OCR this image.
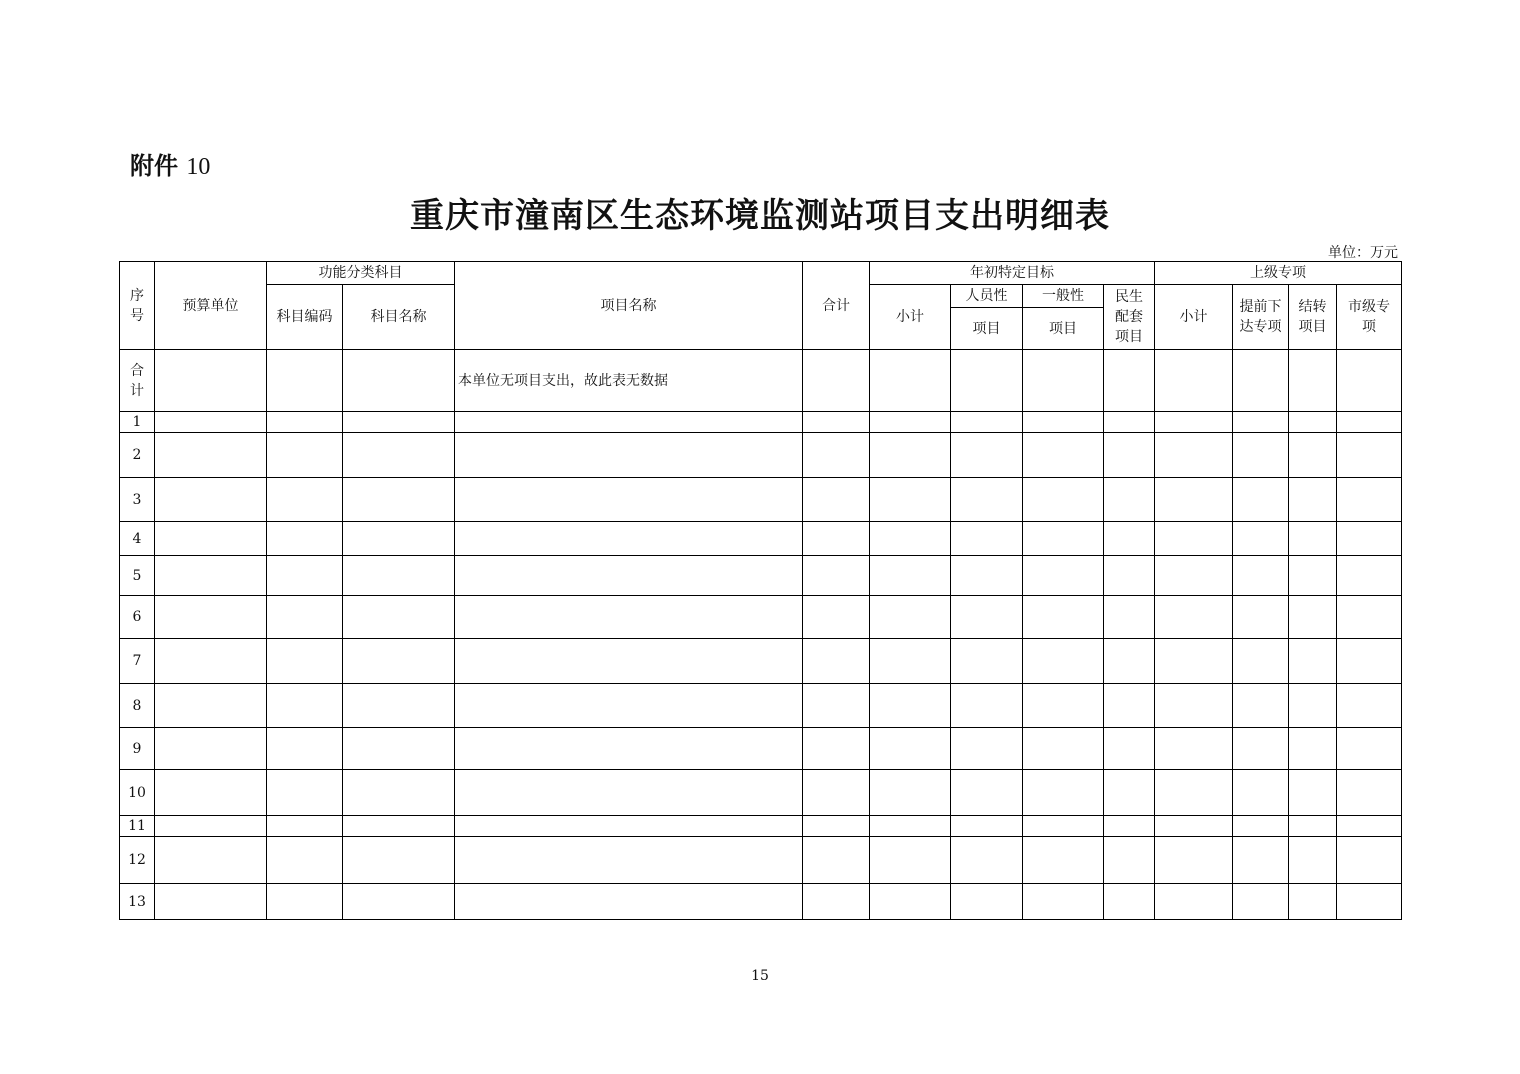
附件 10
重庆市潼南区生态环境监测站项目支出明细表
单位：万元
序号	预算单位	功能分类科目		项目名称	合计	年初特定目标				上级专项			
		科目编码	科目名称			小计	人员性	一般性	民生配套项目	小计	提前下达专项	结转项目	市级专项
							项目	项目					

合计				本单位无项目支出，故此表无数据									
1													
2													
3													
4													
5													
6													
7													
8													
9													
10													
11													
12													
13													
15
